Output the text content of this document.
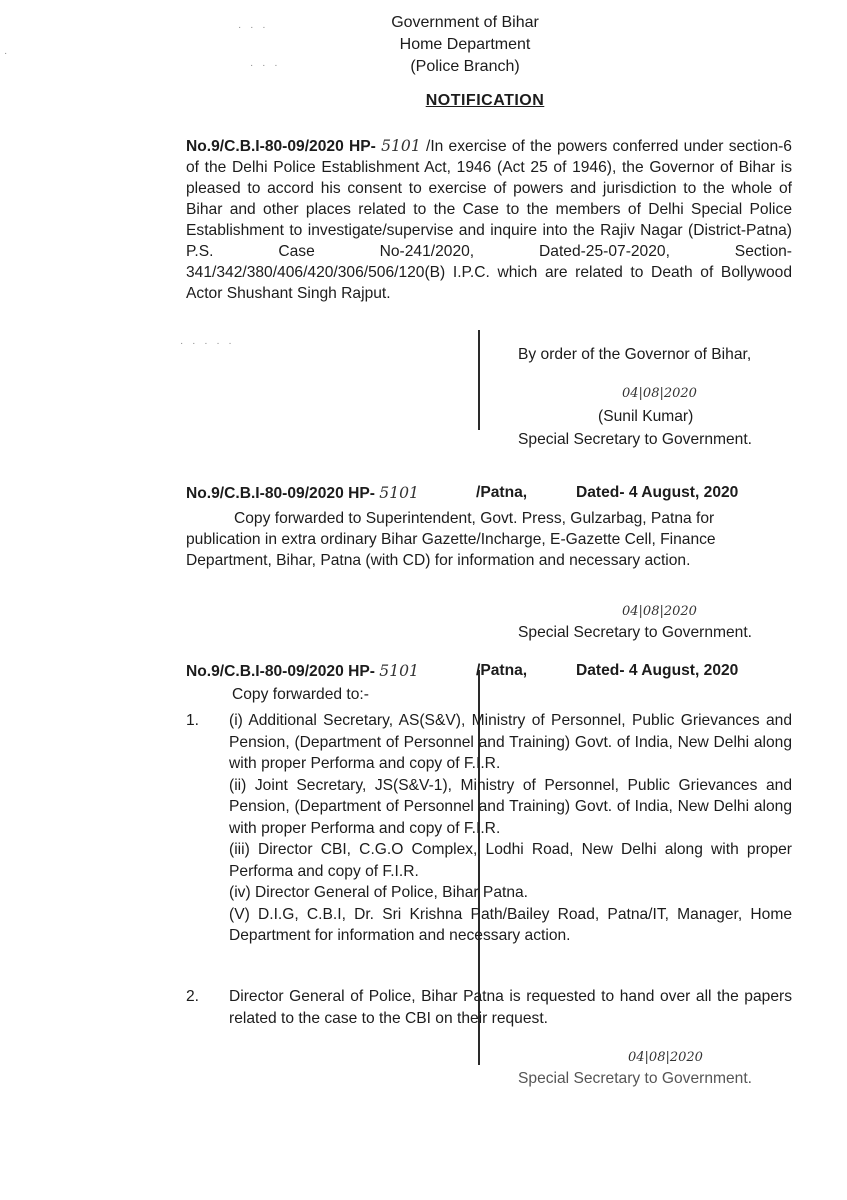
· · ·
· · ·
·
· · · · ·
Government of Bihar
Home Department
(Police Branch)
NOTIFICATION
No.9/C.B.I-80-09/2020 HP- 5101 /In exercise of the powers conferred under section-6 of the Delhi Police Establishment Act, 1946 (Act 25 of 1946), the Governor of Bihar is pleased to accord his consent to exercise of powers and jurisdiction to the whole of Bihar and other places related to the Case to the members of Delhi Special Police Establishment to investigate/supervise and inquire into the Rajiv Nagar (District-Patna) P.S. Case No-241/2020, Dated-25-07-2020, Section-341/342/380/406/420/306/506/120(B) I.P.C. which are related to Death of Bollywood Actor Shushant Singh Rajput.
By order of the Governor of Bihar,
04|08|2020
(Sunil Kumar)
Special Secretary to Government.
No.9/C.B.I-80-09/2020 HP- 5101	/Patna,	Dated- 4 August, 2020
Copy forwarded to Superintendent, Govt. Press, Gulzarbag, Patna for publication in extra ordinary Bihar Gazette/Incharge, E-Gazette Cell, Finance Department, Bihar, Patna (with CD) for information and necessary action.
04|08|2020
Special Secretary to Government.
No.9/C.B.I-80-09/2020 HP- 5101	/Patna,	Dated- 4 August, 2020
Copy forwarded to:-
1. (i) Additional Secretary, AS(S&V), Ministry of Personnel, Public Grievances and Pension, (Department of Personnel and Training) Govt. of India, New Delhi along with proper Performa and copy of F.I.R.

(ii) Joint Secretary, JS(S&V-1), Ministry of Personnel, Public Grievances and Pension, (Department of Personnel and Training) Govt. of India, New Delhi along with proper Performa and copy of F.I.R.

(iii) Director CBI, C.G.O Complex, Lodhi Road, New Delhi along with proper Performa and copy of F.I.R.

(iv) Director General of Police, Bihar Patna.

(V) D.I.G, C.B.I, Dr. Sri Krishna Path/Bailey Road, Patna/IT, Manager, Home Department for information and necessary action.

2. Director General of Police, Bihar Patna is requested to hand over all the papers related to the case to the CBI on their request.

04|08|2020
Special Secretary to Government.
